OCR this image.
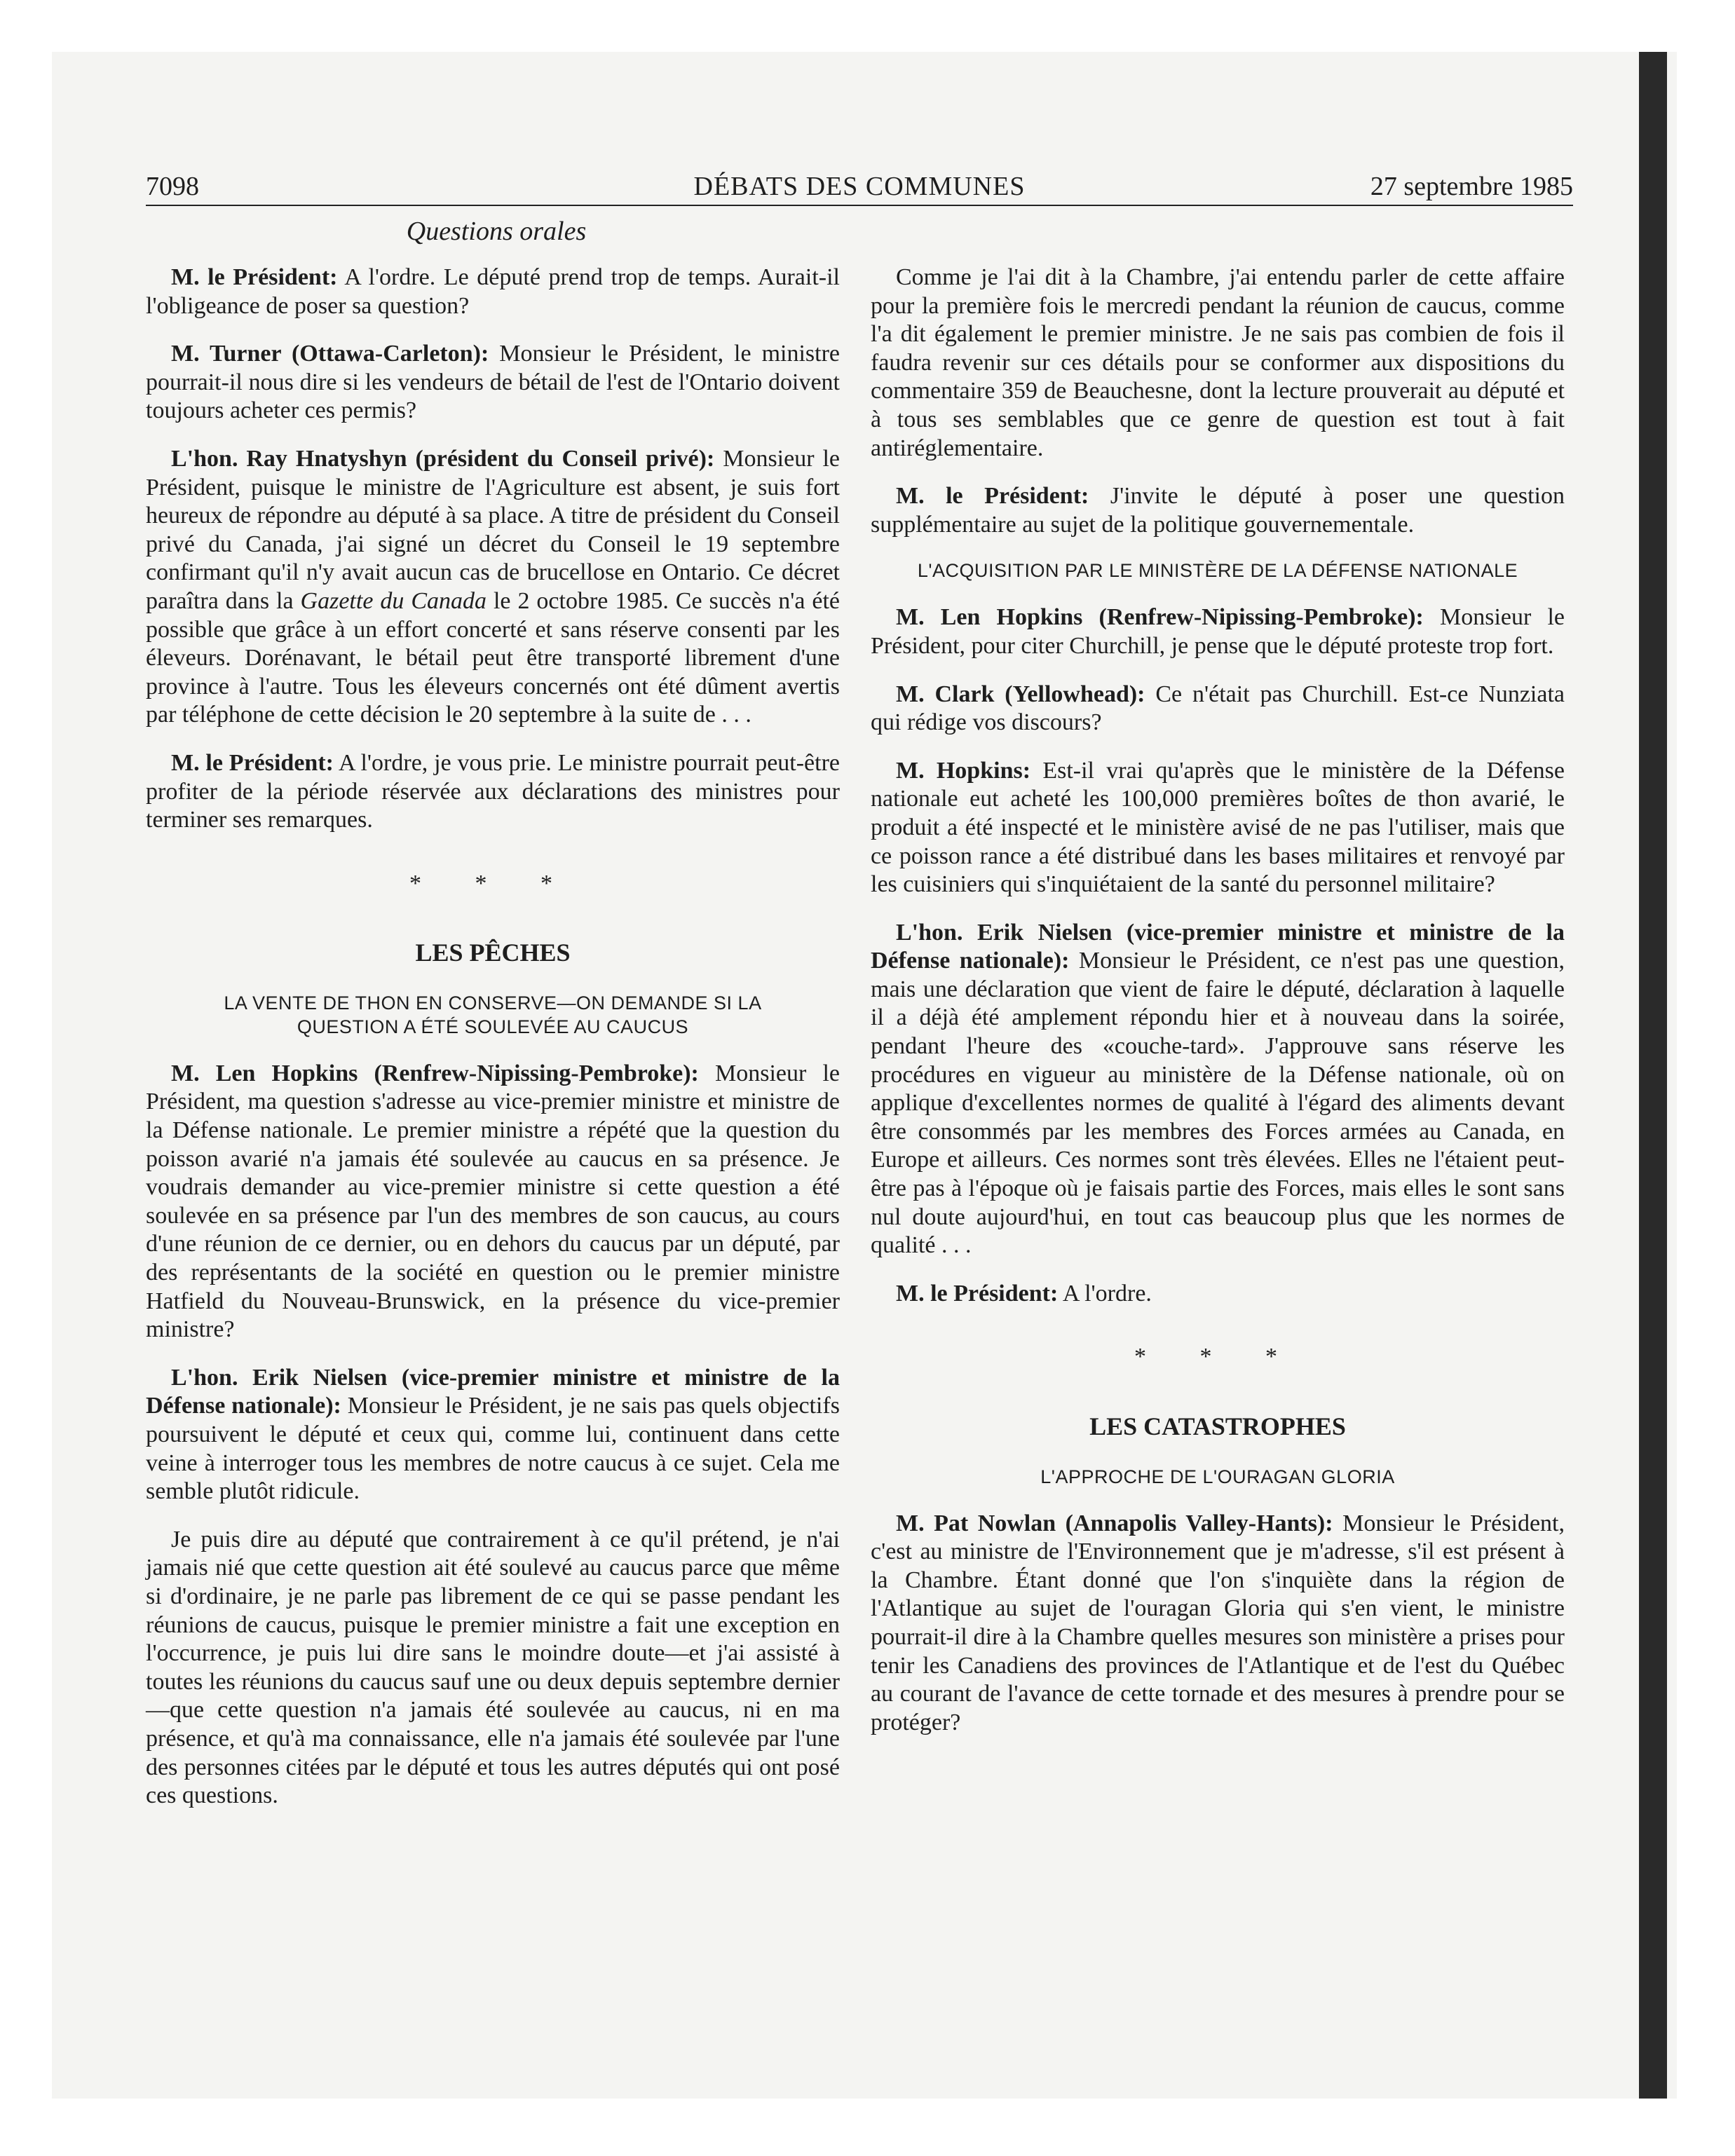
7098	DÉBATS DES COMMUNES	27 septembre 1985
Questions orales

M. le Président: A l'ordre. Le député prend trop de temps. Aurait-il l'obligeance de poser sa question?

M. Turner (Ottawa-Carleton): Monsieur le Président, le ministre pourrait-il nous dire si les vendeurs de bétail de l'est de l'Ontario doivent toujours acheter ces permis?

L'hon. Ray Hnatyshyn (président du Conseil privé): Monsieur le Président, puisque le ministre de l'Agriculture est absent, je suis fort heureux de répondre au député à sa place. A titre de président du Conseil privé du Canada, j'ai signé un décret du Conseil le 19 septembre confirmant qu'il n'y avait aucun cas de brucellose en Ontario. Ce décret paraîtra dans la Gazette du Canada le 2 octobre 1985. Ce succès n'a été possible que grâce à un effort concerté et sans réserve consenti par les éleveurs. Dorénavant, le bétail peut être transporté librement d'une province à l'autre. Tous les éleveurs concernés ont été dûment avertis par téléphone de cette décision le 20 septembre à la suite de . . .

M. le Président: A l'ordre, je vous prie. Le ministre pourrait peut-être profiter de la période réservée aux déclarations des ministres pour terminer ses remarques.

* * *
LES PÊCHES
LA VENTE DE THON EN CONSERVE—ON DEMANDE SI LA
QUESTION A ÉTÉ SOULEVÉE AU CAUCUS

M. Len Hopkins (Renfrew-Nipissing-Pembroke): Monsieur le Président, ma question s'adresse au vice-premier ministre et ministre de la Défense nationale. Le premier ministre a répété que la question du poisson avarié n'a jamais été soulevée au caucus en sa présence. Je voudrais demander au vice-premier ministre si cette question a été soulevée en sa présence par l'un des membres de son caucus, au cours d'une réunion de ce dernier, ou en dehors du caucus par un député, par des représentants de la société en question ou le premier ministre Hatfield du Nouveau-Brunswick, en la présence du vice-premier ministre?

L'hon. Erik Nielsen (vice-premier ministre et ministre de la Défense nationale): Monsieur le Président, je ne sais pas quels objectifs poursuivent le député et ceux qui, comme lui, continuent dans cette veine à interroger tous les membres de notre caucus à ce sujet. Cela me semble plutôt ridicule.

Je puis dire au député que contrairement à ce qu'il prétend, je n'ai jamais nié que cette question ait été soulevé au caucus parce que même si d'ordinaire, je ne parle pas librement de ce qui se passe pendant les réunions de caucus, puisque le premier ministre a fait une exception en l'occurrence, je puis lui dire sans le moindre doute—et j'ai assisté à toutes les réunions du caucus sauf une ou deux depuis septembre dernier—que cette question n'a jamais été soulevée au caucus, ni en ma présence, et qu'à ma connaissance, elle n'a jamais été soulevée par l'une des personnes citées par le député et tous les autres députés qui ont posé ces questions.

Comme je l'ai dit à la Chambre, j'ai entendu parler de cette affaire pour la première fois le mercredi pendant la réunion de caucus, comme l'a dit également le premier ministre. Je ne sais pas combien de fois il faudra revenir sur ces détails pour se conformer aux dispositions du commentaire 359 de Beauchesne, dont la lecture prouverait au député et à tous ses semblables que ce genre de question est tout à fait antiréglementaire.

M. le Président: J'invite le député à poser une question supplémentaire au sujet de la politique gouvernementale.

L'ACQUISITION PAR LE MINISTÈRE DE LA DÉFENSE NATIONALE

M. Len Hopkins (Renfrew-Nipissing-Pembroke): Monsieur le Président, pour citer Churchill, je pense que le député proteste trop fort.

M. Clark (Yellowhead): Ce n'était pas Churchill. Est-ce Nunziata qui rédige vos discours?

M. Hopkins: Est-il vrai qu'après que le ministère de la Défense nationale eut acheté les 100,000 premières boîtes de thon avarié, le produit a été inspecté et le ministère avisé de ne pas l'utiliser, mais que ce poisson rance a été distribué dans les bases militaires et renvoyé par les cuisiniers qui s'inquiétaient de la santé du personnel militaire?

L'hon. Erik Nielsen (vice-premier ministre et ministre de la Défense nationale): Monsieur le Président, ce n'est pas une question, mais une déclaration que vient de faire le député, déclaration à laquelle il a déjà été amplement répondu hier et à nouveau dans la soirée, pendant l'heure des «couche-tard». J'approuve sans réserve les procédures en vigueur au ministère de la Défense nationale, où on applique d'excellentes normes de qualité à l'égard des aliments devant être consommés par les membres des Forces armées au Canada, en Europe et ailleurs. Ces normes sont très élevées. Elles ne l'étaient peut-être pas à l'époque où je faisais partie des Forces, mais elles le sont sans nul doute aujourd'hui, en tout cas beaucoup plus que les normes de qualité . . .

M. le Président: A l'ordre.

* * *
LES CATASTROPHES
L'APPROCHE DE L'OURAGAN GLORIA

M. Pat Nowlan (Annapolis Valley-Hants): Monsieur le Président, c'est au ministre de l'Environnement que je m'adresse, s'il est présent à la Chambre. Étant donné que l'on s'inquiète dans la région de l'Atlantique au sujet de l'ouragan Gloria qui s'en vient, le ministre pourrait-il dire à la Chambre quelles mesures son ministère a prises pour tenir les Canadiens des provinces de l'Atlantique et de l'est du Québec au courant de l'avance de cette tornade et des mesures à prendre pour se protéger?
